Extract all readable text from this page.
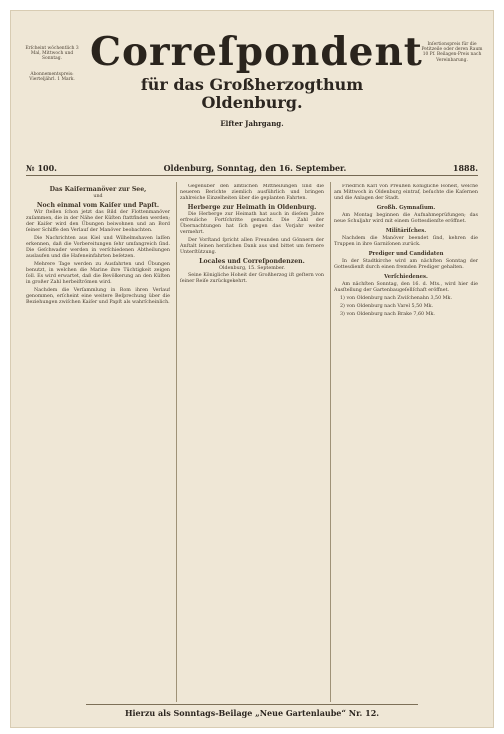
Erſcheint wöchentlich 3 Mal, Mittwoch und Sonntag.
Abonnementspreis: Vierteljährl. 1 Mark.
Inſertionspreis für die Petitzeile oder deren Raum 10 Pf. Beilagen-Preis nach Vereinbarung.
Correſpondent
für das Großherzogthum Oldenburg.
Elfter Jahrgang.
№ 100.	Oldenburg, Sonntag, den 16. September.	1888.
Das Kaiſermanöver zur See,
und
Noch einmal vom Kaiſer und Papſt.

Wir ſtellen ſchon jetzt das Bild der Flottenmanöver zuſammen, die in der Nähe der Küſten ſtattfinden werden; der Kaiſer wird den Übungen beiwohnen und an Bord ſeiner Schiffe den Verlauf der Manöver beobachten.

Die Nachrichten aus Kiel und Wilhelmshaven laſſen erkennen, daß die Vorbereitungen ſehr umfangreich ſind. Die Geſchwader werden in verſchiedenen Abtheilungen auslaufen und die Hafeneinfahrten beſetzen.

Mehrere Tage werden zu Ausfahrten und Übungen benutzt, in welchen die Marine ihre Tüchtigkeit zeigen ſoll. Es wird erwartet, daß die Bevölkerung an den Küſten in großer Zahl herbeiſtrömen wird.

Nachdem die Verſammlung in Rom ihren Verlauf genommen, erſcheint eine weitere Beſprechung über die Beziehungen zwiſchen Kaiſer und Papſt als wahrſcheinlich.

Gegenüber den amtlichen Mittheilungen ſind die neueren Berichte ziemlich ausführlich und bringen zahlreiche Einzelheiten über die geplanten Fahrten.

Herberge zur Heimath in Oldenburg.

Die Herberge zur Heimath hat auch in dieſem Jahre erfreuliche Fortſchritte gemacht. Die Zahl der Übernachtungen hat ſich gegen das Vorjahr weiter vermehrt.

Der Vorſtand ſpricht allen Freunden und Gönnern der Anſtalt ſeinen herzlichen Dank aus und bittet um fernere Unterſtützung.

Locales und Correſpondenzen.
Oldenburg, 15. September.

Seine Königliche Hoheit der Großherzog iſt geſtern von ſeiner Reiſe zurückgekehrt.

Friedrich Karl von Preußen Königliche Hoheit, welche am Mittwoch in Oldenburg eintraf, beſuchte die Kaſernen und die Anlagen der Stadt.

Großh. Gymnaſium.

Am Montag beginnen die Aufnahmeprüfungen; das neue Schuljahr wird mit einem Gottesdienſte eröffnet.

Militäriſches.

Nachdem die Manöver beendet ſind, kehren die Truppen in ihre Garniſonen zurück.

Prediger und Candidaten

In der Stadtkirche wird am nächſten Sonntag der Gottesdienſt durch einen fremden Prediger gehalten.

Verſchiedenes.

Am nächſten Sonntag, den 16. d. Mts., wird hier die Ausſtellung der Gartenbaugeſellſchaft eröffnet.

1) von Oldenburg nach Zwiſchenahn 3,50 Mk.
2) von Oldenburg nach Varel 5,50 Mk.
3) von Oldenburg nach Brake 7,60 Mk.
Hierzu als Sonntags-Beilage „Neue Gartenlaube“ Nr. 12.
